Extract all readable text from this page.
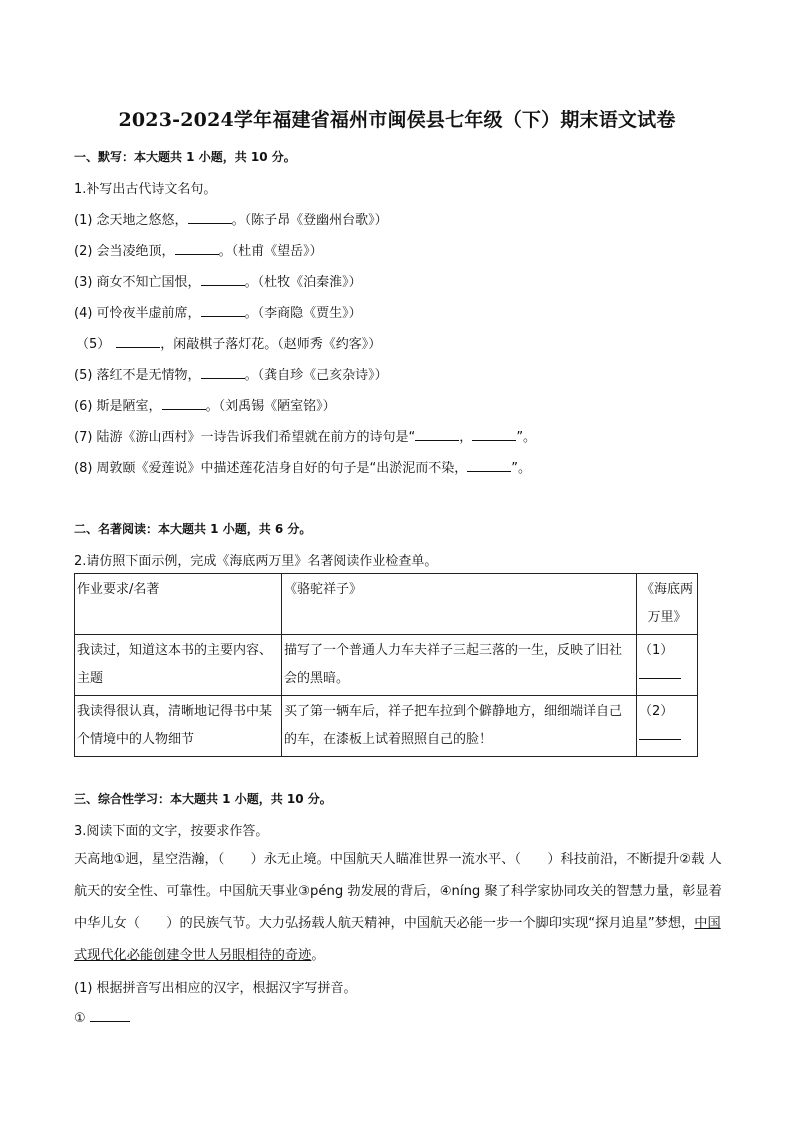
2023-2024学年福建省福州市闽侯县七年级（下）期末语文试卷
一、默写：本大题共 1 小题，共 10 分。
1.补写出古代诗文名句。
(1) 念天地之悠悠，	。（陈子昂《登幽州台歌》）
(2) 会当凌绝顶，	。（杜甫《望岳》）
(3) 商女不知亡国恨，	。（杜牧《泊秦淮》）
(4) 可怜夜半虚前席，	。（李商隐《贾生》）
（5）	，闲敲棋子落灯花。（赵师秀《约客》）
(5) 落红不是无情物，	。（龚自珍《己亥杂诗》）
(6) 斯是陋室，	。（刘禹锡《陋室铭》）
(7) 陆游《游山西村》一诗告诉我们希望就在前方的诗句是“	，	”。
(8) 周敦颐《爱莲说》中描述莲花洁身自好的句子是“出淤泥而不染，	”。
二、名著阅读：本大题共 1 小题，共 6 分。
2.请仿照下面示例，完成《海底两万里》名著阅读作业检查单。
作业要求/名著	《骆驼祥子》	《海底两万里》
我读过，知道这本书的主要内容、主题	描写了一个普通人力车夫祥子三起三落的一生，反映了旧社会的黑暗。	（1）

我读得很认真，清晰地记得书中某个情境中的人物细节	买了第一辆车后，祥子把车拉到个僻静地方，细细端详自己的车，在漆板上试着照照自己的脸！	（2）
三、综合性学习：本大题共 1 小题，共 10 分。
3.阅读下面的文字，按要求作答。
天高地①迥，星空浩瀚，（　　）永无止境。中国航天人瞄准世界一流水平、（　　）科技前沿，不断提升②载 人航天的安全性、可靠性。中国航天事业③péng 勃发展的背后，④níng 聚了科学家协同攻关的智慧力量，彰显着中华儿女（　　）的民族气节。大力弘扬载人航天精神，中国航天必能一步一个脚印实现“探月追星”梦想，中国式现代化必能创建令世人另眼相待的奇迹。
(1) 根据拼音写出相应的汉字，根据汉字写拼音。
①
